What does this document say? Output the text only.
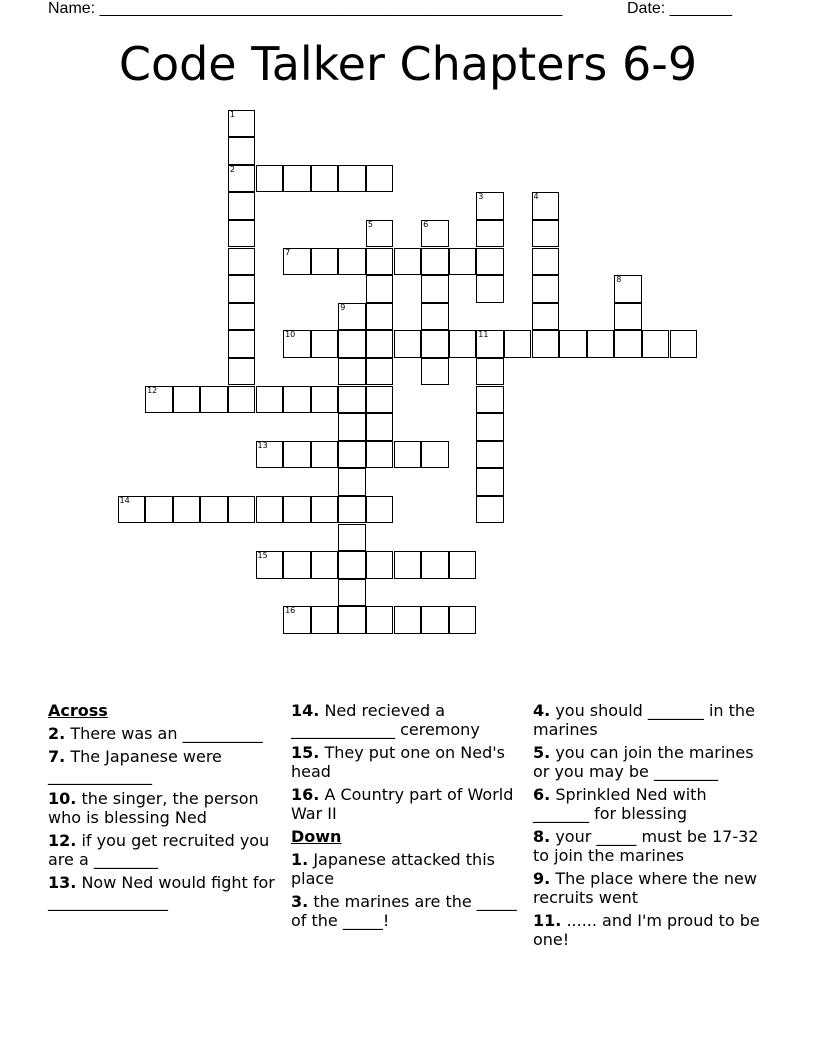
Name: ____________________________________________________	Date: _______
Code Talker Chapters 6-9
1
2
3	4
5	6
7
8
9
10	11
12
13
14
15
16
Across
2. There was an __________
7. The Japanese were _____________
10. the singer, the person who is blessing Ned
12. if you get recruited you are a ________
13. Now Ned would fight for _______________
14. Ned recieved a _____________ ceremony
15. They put one on Ned's head
16. A Country part of World War II
Down
1. Japanese attacked this place
3. the marines are the _____ of the _____!
4. you should _______ in the marines
5. you can join the marines or you may be ________
6. Sprinkled Ned with _______ for blessing
8. your _____ must be 17-32 to join the marines
9. The place where the new recruits went
11. ...... and I'm proud to be one!
